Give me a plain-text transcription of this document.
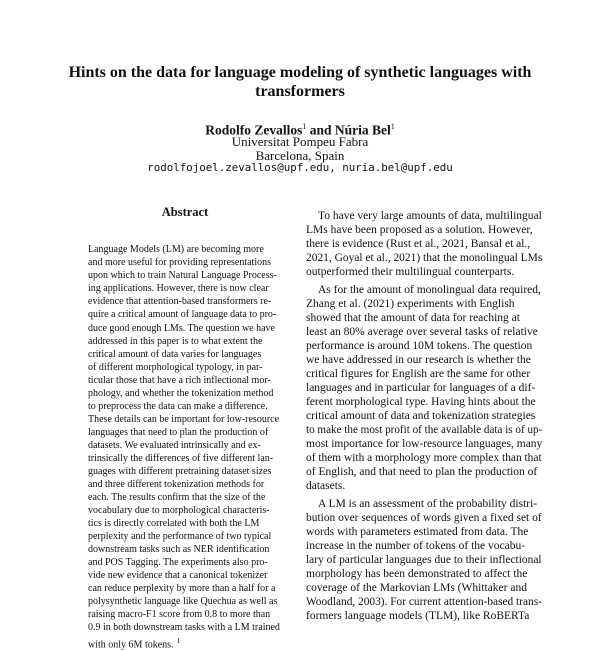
Hints on the data for language modeling of synthetic languages with
transformers
Rodolfo Zevallos$^1$ and Núria Bel$^1$
Universitat Pompeu Fabra
Barcelona, Spain
rodolfojoel.zevallos@upf.edu, nuria.bel@upf.edu
Abstract
Language Models (LM) are becoming more
and more useful for providing representations
upon which to train Natural Language Process-
ing applications. However, there is now clear
evidence that attention-based transformers re-
quire a critical amount of language data to pro-
duce good enough LMs. The question we have
addressed in this paper is to what extent the
critical amount of data varies for languages
of different morphological typology, in par-
ticular those that have a rich inflectional mor-
phology, and whether the tokenization method
to preprocess the data can make a difference.
These details can be important for low-resource
languages that need to plan the production of
datasets. We evaluated intrinsically and ex-
trinsically the differences of five different lan-
guages with different pretraining dataset sizes
and three different tokenization methods for
each. The results confirm that the size of the
vocabulary due to morphological characteris-
tics is directly correlated with both the LM
perplexity and the performance of two typical
downstream tasks such as NER identification
and POS Tagging. The experiments also pro-
vide new evidence that a canonical tokenizer
can reduce perplexity by more than a half for a
polysynthetic language like Quechua as well as
raising macro-F1 score from 0.8 to more than
0.9 in both downstream tasks with a LM trained
with only 6M tokens. $^1$
To have very large amounts of data, multilingual
LMs have been proposed as a solution. However,
there is evidence (Rust et al., 2021, Bansal et al.,
2021, Goyal et al., 2021) that the monolingual LMs
outperformed their multilingual counterparts.
As for the amount of monolingual data required,
Zhang et al. (2021) experiments with English
showed that the amount of data for reaching at
least an 80% average over several tasks of relative
performance is around 10M tokens. The question
we have addressed in our research is whether the
critical figures for English are the same for other
languages and in particular for languages of a dif-
ferent morphological type. Having hints about the
critical amount of data and tokenization strategies
to make the most profit of the available data is of up-
most importance for low-resource languages, many
of them with a morphology more complex than that
of English, and that need to plan the production of
datasets.
A LM is an assessment of the probability distri-
bution over sequences of words given a fixed set of
words with parameters estimated from data. The
increase in the number of tokens of the vocabu-
lary of particular languages due to their inflectional
morphology has been demonstrated to affect the
coverage of the Markovian LMs (Whittaker and
Woodland, 2003). For current attention-based trans-
formers language models (TLM), like RoBERTa
